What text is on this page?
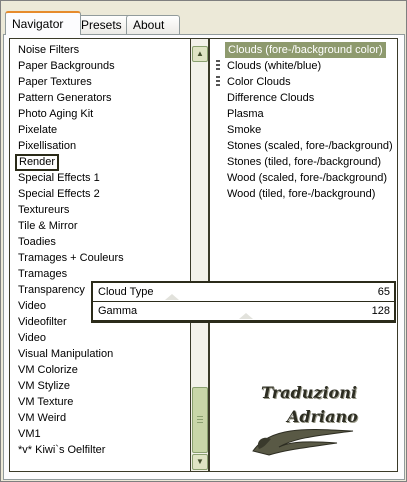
Navigator	Presets About
Noise Filters
Paper Backgrounds
Paper Textures
Pattern Generators
Photo Aging Kit
Pixelate
Pixellisation
Render
Special Effects 1
Special Effects 2
Textureurs
Tile & Mirror
Toadies
Tramages + Couleurs
Tramages
Transparency
Video
Videofilter
Video
Visual Manipulation
VM Colorize
VM Stylize
VM Texture
VM Weird
VM1
*v* Kiwi`s Oelfilter
▲
▼
Clouds (fore-/background color)
Clouds (white/blue)
Color Clouds
Difference Clouds
Plasma
Smoke
Stones (scaled, fore-/background)
Stones (tiled, fore-/background)
Wood (scaled, fore-/background)
Wood (tiled, fore-/background)
Traduzioni
Adriano
Cloud Type	65
Gamma	128
